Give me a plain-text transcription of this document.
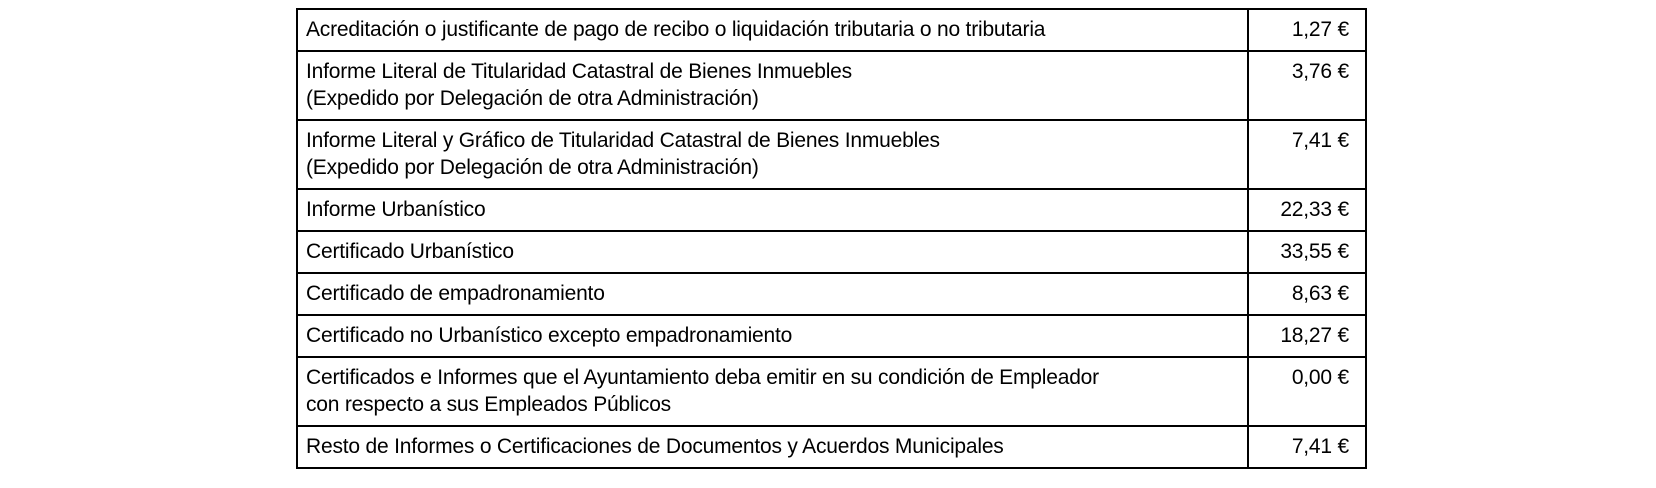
Acreditación o justificante de pago de recibo o liquidación tributaria o no tributaria	1,27 €

Informe Literal de Titularidad Catastral de Bienes Inmuebles
(Expedido por Delegación de otra Administración)	3,76 €

Informe Literal y Gráfico de Titularidad Catastral de Bienes Inmuebles
(Expedido por Delegación de otra Administración)	7,41 €

Informe Urbanístico	22,33 €

Certificado Urbanístico	33,55 €

Certificado de empadronamiento	8,63 €

Certificado no Urbanístico excepto empadronamiento	18,27 €

Certificados e Informes que el Ayuntamiento deba emitir en su condición de Empleador
con respecto a sus Empleados Públicos	0,00 €

Resto de Informes o Certificaciones de Documentos y Acuerdos Municipales	7,41 €
